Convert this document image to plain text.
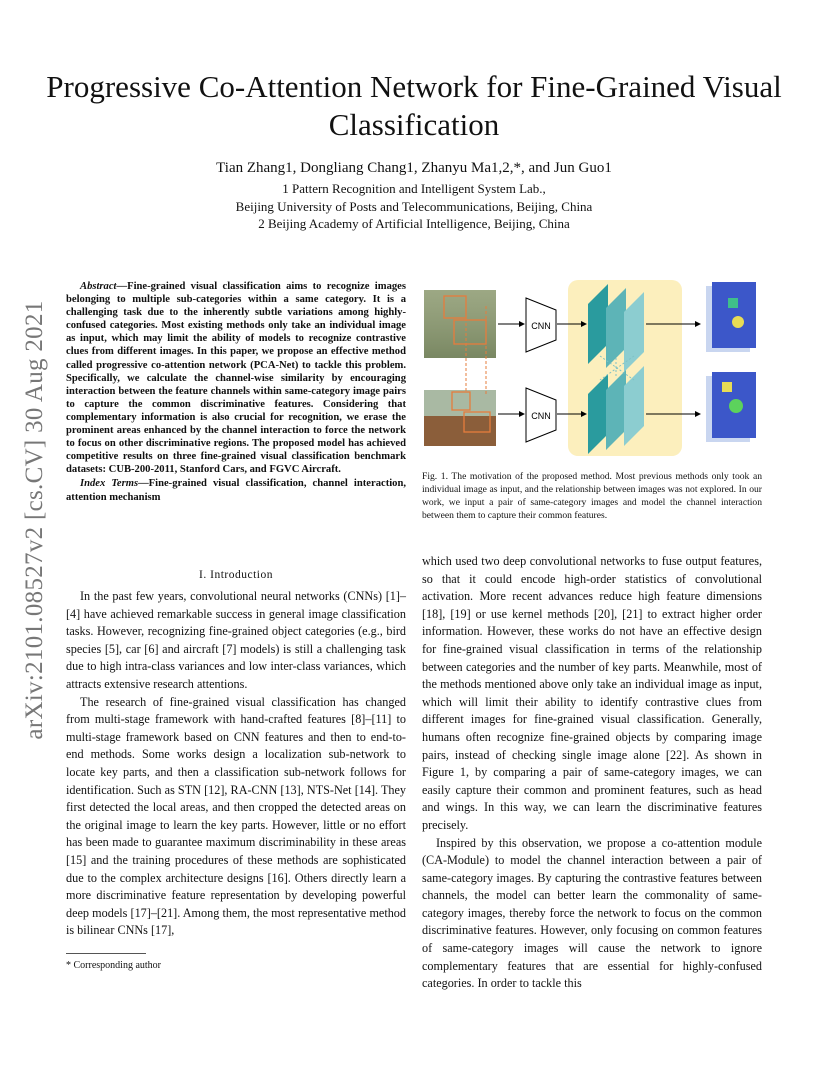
Progressive Co-Attention Network for Fine-Grained Visual Classification
Tian Zhang1, Dongliang Chang1, Zhanyu Ma1,2,*, and Jun Guo1
1 Pattern Recognition and Intelligent System Lab.,
Beijing University of Posts and Telecommunications, Beijing, China
2 Beijing Academy of Artificial Intelligence, Beijing, China
arXiv:2101.08527v2 [cs.CV] 30 Aug 2021
Abstract—Fine-grained visual classification aims to recognize images belonging to multiple sub-categories within a same category. It is a challenging task due to the inherently subtle variations among highly-confused categories. Most existing methods only take an individual image as input, which may limit the ability of models to recognize contrastive clues from different images. In this paper, we propose an effective method called progressive co-attention network (PCA-Net) to tackle this problem. Specifically, we calculate the channel-wise similarity by encouraging interaction between the feature channels within same-category image pairs to capture the common discriminative features. Considering that complementary information is also crucial for recognition, we erase the prominent areas enhanced by the channel interaction to force the network to focus on other discriminative regions. The proposed model has achieved competitive results on three fine-grained visual classification benchmark datasets: CUB-200-2011, Stanford Cars, and FGVC Aircraft.
Index Terms—Fine-grained visual classification, channel interaction, attention mechanism
I. Introduction

In the past few years, convolutional neural networks (CNNs) [1]–[4] have achieved remarkable success in general image classification tasks. However, recognizing fine-grained object categories (e.g., bird species [5], car [6] and aircraft [7] models) is still a challenging task due to high intra-class variances and low inter-class variances, which attracts extensive research attentions.

The research of fine-grained visual classification has changed from multi-stage framework with hand-crafted features [8]–[11] to multi-stage framework based on CNN features and then to end-to-end methods. Some works design a localization sub-network to locate key parts, and then a classification sub-network follows for identification. Such as STN [12], RA-CNN [13], NTS-Net [14]. They first detected the local areas, and then cropped the detected areas on the original image to learn the key parts. However, little or no effort has been made to guarantee maximum discriminability in these areas [15] and the training procedures of these methods are sophisticated due to the complex architecture designs [16]. Others directly learn a more discriminative feature representation by developing powerful deep models [17]–[21]. Among them, the most representative method is bilinear CNNs [17],

* Corresponding author
CNN
CNN
Fig. 1. The motivation of the proposed method. Most previous methods only took an individual image as input, and the relationship between images was not explored. In our work, we input a pair of same-category images and model the channel interaction between them to capture their common features.

which used two deep convolutional networks to fuse output features, so that it could encode high-order statistics of convolutional activation. More recent advances reduce high feature dimensions [18], [19] or use kernel methods [20], [21] to extract higher order information. However, these works do not have an effective design for fine-grained visual classification in terms of the relationship between categories and the number of key parts. Meanwhile, most of the methods mentioned above only take an individual image as input, which will limit their ability to identify contrastive clues from different images for fine-grained visual classification. Generally, humans often recognize fine-grained objects by comparing image pairs, instead of checking single image alone [22]. As shown in Figure 1, by comparing a pair of same-category images, we can easily capture their common and prominent features, such as head and wings. In this way, we can learn the discriminative features precisely.

Inspired by this observation, we propose a co-attention module (CA-Module) to model the channel interaction between a pair of same-category images. By capturing the contrastive features between channels, the model can better learn the commonality of same-category images, thereby force the network to focus on the common discriminative features. However, only focusing on common features of same-category images will cause the network to ignore complementary features that are essential for highly-confused categories. In order to tackle this
